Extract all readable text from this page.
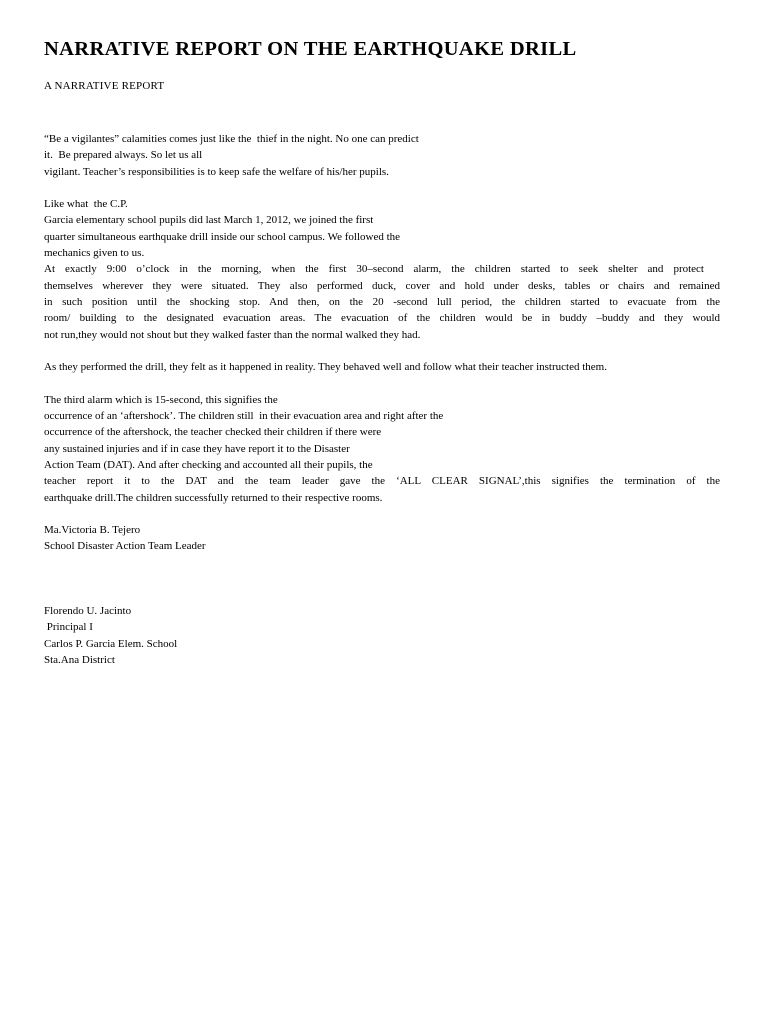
NARRATIVE REPORT ON THE EARTHQUAKE DRILL

A NARRATIVE REPORT

“Be a vigilantes” calamities comes just like the  thief in the night. No one can predict
it.  Be prepared always. So let us all
vigilant. Teacher’s responsibilities is to keep safe the welfare of his/her pupils.
Like what  the C.P.
Garcia elementary school pupils did last March 1, 2012, we joined the first
quarter simultaneous earthquake drill inside our school campus. We followed the
mechanics given to us.
At exactly 9:00 o’clock in the morning, when the first 30–second alarm, the children started to seek shelter and protect
themselves wherever they were situated. They also performed duck, cover and hold under desks, tables or chairs and remained
in such position until the shocking stop. And then, on the 20 -second lull period, the children started to evacuate from the
room/ building to the designated evacuation areas. The evacuation of the children would be in buddy –buddy and they would
not run,they would not shout but they walked faster than the normal walked they had.
As they performed the drill, they felt as it happened in reality. They behaved well and follow what their teacher instructed them.
The third alarm which is 15-second, this signifies the
occurrence of an ‘aftershock’. The children still  in their evacuation area and right after the
occurrence of the aftershock, the teacher checked their children if there were
any sustained injuries and if in case they have report it to the Disaster
Action Team (DAT). And after checking and accounted all their pupils, the
teacher report it to the DAT and the team leader gave the ‘ALL CLEAR SIGNAL’,this signifies the termination of the
earthquake drill.The children successfully returned to their respective rooms.
Ma.Victoria B. Tejero
School Disaster Action Team Leader
Florendo U. Jacinto
Principal I
Carlos P. Garcia Elem. School
Sta.Ana District
